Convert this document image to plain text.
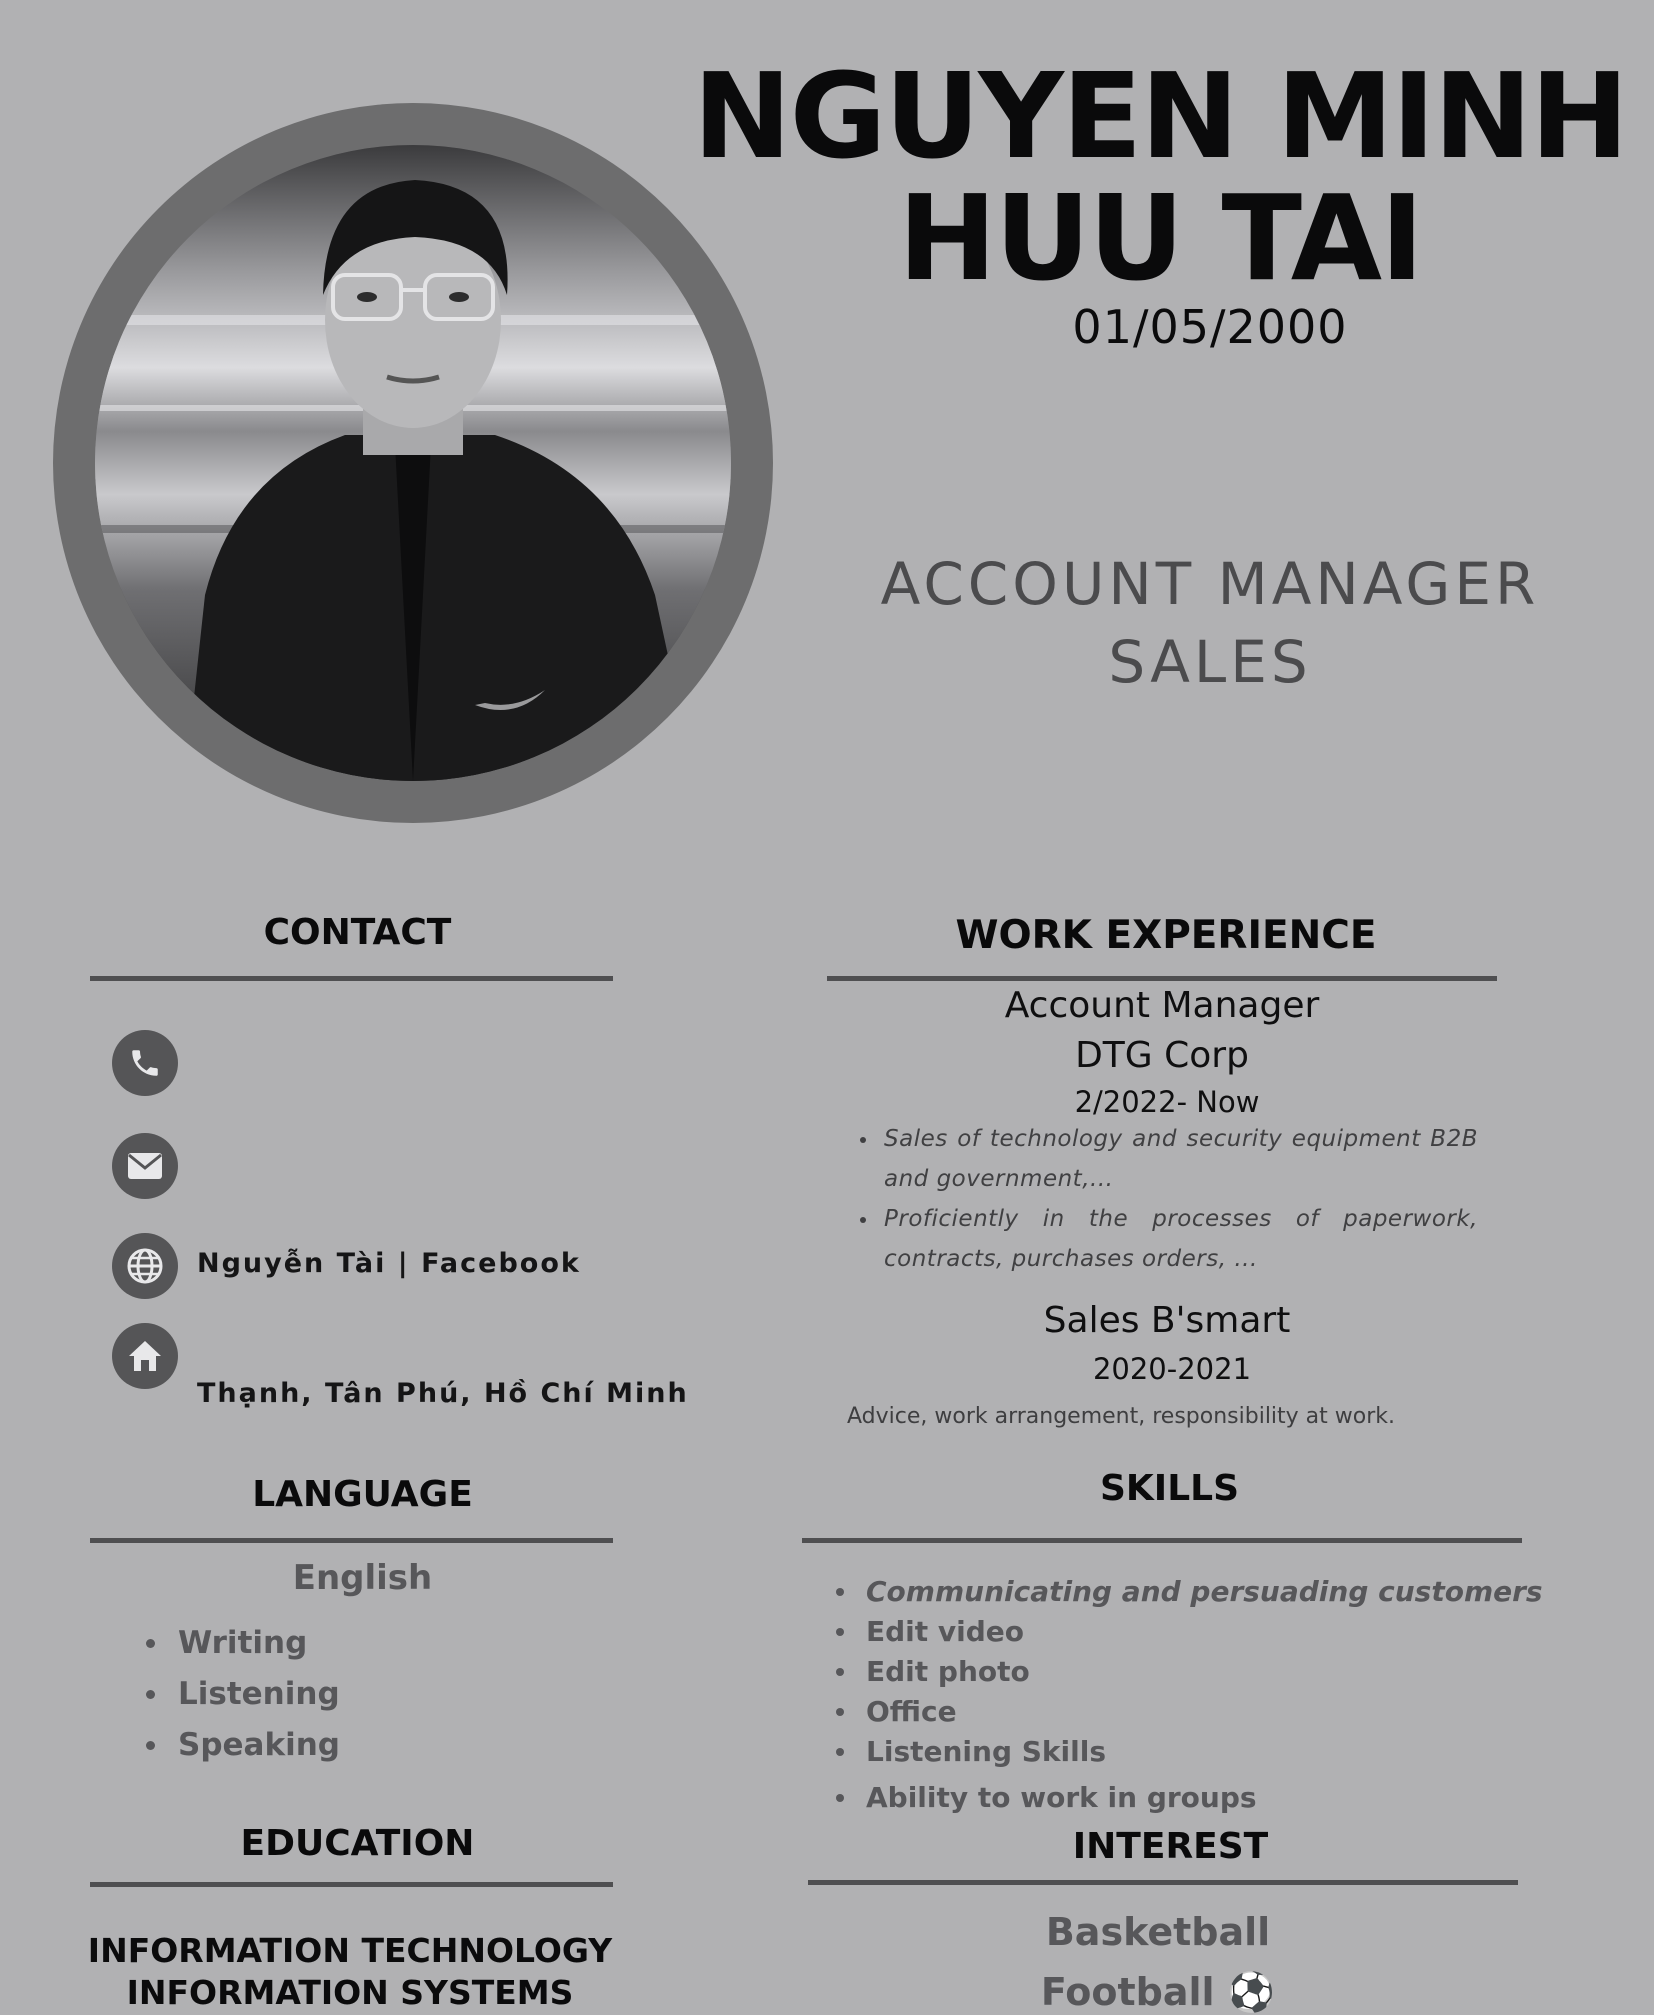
NGUYEN MINH
HUU TAI
01/05/2000
ACCOUNT MANAGER
SALES
CONTACT
Nguyễn Tài | Facebook
Thạnh, Tân Phú, Hồ Chí Minh
LANGUAGE
English
Writing
Listening
Speaking
EDUCATION
INFORMATION TECHNOLOGY
INFORMATION SYSTEMS
WORK EXPERIENCE
Account Manager
DTG Corp
2/2022- Now
Sales of technology and security equipment B2B and government,...
Proficiently in the processes of paperwork, contracts, purchases orders, ...
Sales B'smart
2020-2021
Advice, work arrangement, responsibility at work.
SKILLS
Communicating and persuading customers
Edit video
Edit photo
Office
Listening Skills
Ability to work in groups
INTEREST
Basketball
Football ⚽
